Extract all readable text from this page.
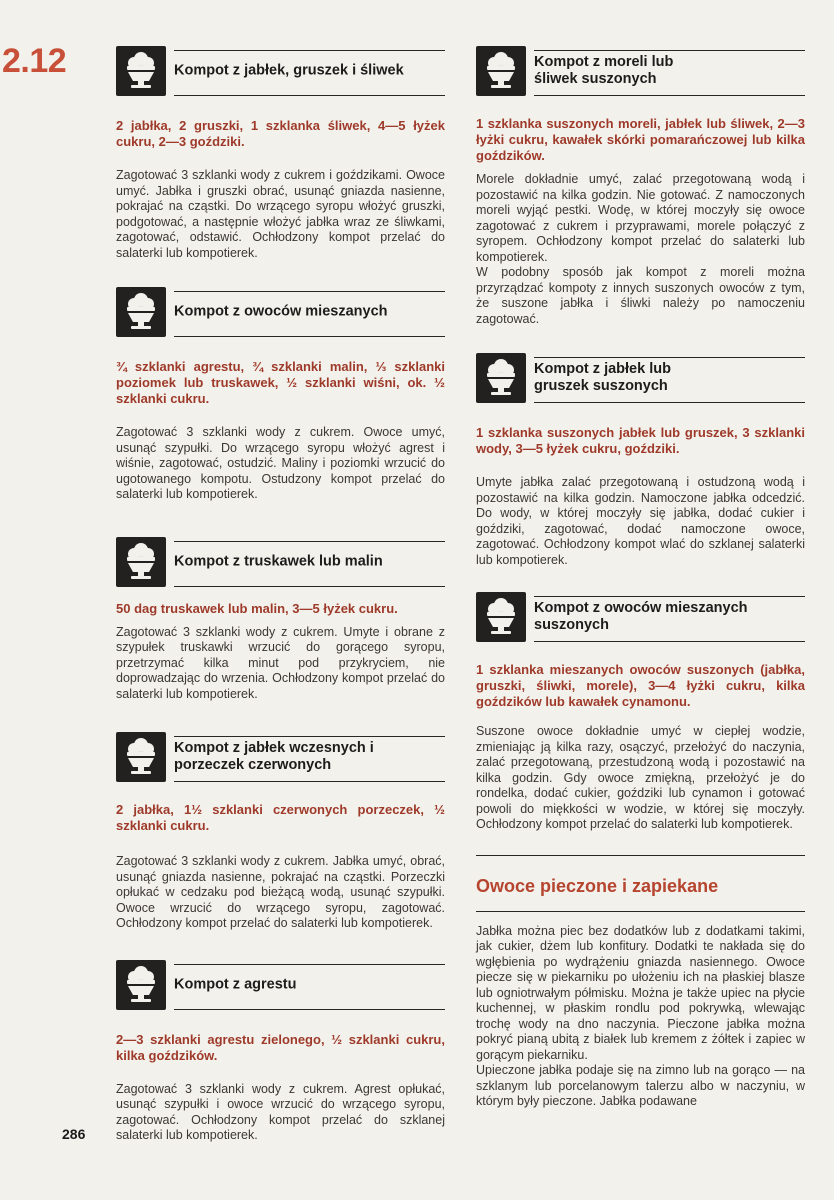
2.12	Kompot z jabłek, gruszek i śliwek

2 jabłka, 2 gruszki, 1 szklanka śliwek, 4—5 łyżek cukru, 2—3 goździki.

Zagotować 3 szklanki wody z cukrem i goździkami. Owoce umyć. Jabłka i gruszki obrać, usunąć gniazda nasienne, pokrajać na cząstki. Do wrzącego syropu włożyć gruszki, podgotować, a następnie włożyć jabłka wraz ze śliwkami, zagotować, odstawić. Ochłodzony kompot przelać do salaterki lub kompotierek.

Kompot z owoców mieszanych

¾ szklanki agrestu, ¾ szklanki malin, ⅓ szklanki poziomek lub truskawek, ½ szklanki wiśni, ok. ½ szklanki cukru.

Zagotować 3 szklanki wody z cukrem. Owoce umyć, usunąć szypułki. Do wrzącego syropu włożyć agrest i wiśnie, zagotować, ostudzić. Maliny i poziomki wrzucić do ugotowanego kompotu. Ostudzony kompot przelać do salaterki lub kompotierek.

Kompot z truskawek lub malin

50 dag truskawek lub malin, 3—5 łyżek cukru.

Zagotować 3 szklanki wody z cukrem. Umyte i obrane z szypułek truskawki wrzucić do gorącego syropu, przetrzymać kilka minut pod przykryciem, nie doprowadzając do wrzenia. Ochłodzony kompot przelać do salaterki lub kompotierek.

Kompot z jabłek wczesnych i porzeczek czerwonych

2 jabłka, 1½ szklanki czerwonych porzeczek, ½ szklanki cukru.

Zagotować 3 szklanki wody z cukrem. Jabłka umyć, obrać, usunąć gniazda nasienne, pokrajać na cząstki. Porzeczki opłukać w cedzaku pod bieżącą wodą, usunąć szypułki. Owoce wrzucić do wrzącego syropu, zagotować. Ochłodzony kompot przelać do salaterki lub kompotierek.

Kompot z agrestu

2—3 szklanki agrestu zielonego, ½ szklanki cukru, kilka goździków.

Zagotować 3 szklanki wody z cukrem. Agrest opłukać, usunąć szypułki i owoce wrzucić do wrzącego syropu, zagotować. Ochłodzony kompot przelać do szklanej salaterki lub kompotierek.

Kompot z moreli lub śliwek suszonych

1 szklanka suszonych moreli, jabłek lub śliwek, 2—3 łyżki cukru, kawałek skórki pomarańczowej lub kilka goździków.

Morele dokładnie umyć, zalać przegotowaną wodą i pozostawić na kilka godzin. Nie gotować. Z namoczonych moreli wyjąć pestki. Wodę, w której moczyły się owoce zagotować z cukrem i przyprawami, morele połączyć z syropem. Ochłodzony kompot przelać do salaterki lub kompotierek.

W podobny sposób jak kompot z moreli można przyrządzać kompoty z innych suszonych owoców z tym, że suszone jabłka i śliwki należy po namoczeniu zagotować.

Kompot z jabłek lub gruszek suszonych

1 szklanka suszonych jabłek lub gruszek, 3 szklanki wody, 3—5 łyżek cukru, goździki.

Umyte jabłka zalać przegotowaną i ostudzoną wodą i pozostawić na kilka godzin. Namoczone jabłka odcedzić. Do wody, w której moczyły się jabłka, dodać cukier i goździki, zagotować, dodać namoczone owoce, zagotować. Ochłodzony kompot wlać do szklanej salaterki lub kompotierek.

Kompot z owoców mieszanych suszonych

1 szklanka mieszanych owoców suszonych (jabłka, gruszki, śliwki, morele), 3—4 łyżki cukru, kilka goździków lub kawałek cynamonu.

Suszone owoce dokładnie umyć w ciepłej wodzie, zmieniając ją kilka razy, osączyć, przełożyć do naczynia, zalać przegotowaną, przestudzoną wodą i pozostawić na kilka godzin. Gdy owoce zmiękną, przełożyć je do rondelka, dodać cukier, goździki lub cynamon i gotować powoli do miękkości w wodzie, w której się moczyły. Ochłodzony kompot przelać do salaterki lub kompotierek.

Owoce pieczone i zapiekane

Jabłka można piec bez dodatków lub z dodatkami takimi, jak cukier, dżem lub konfitury. Dodatki te nakłada się do wgłębienia po wydrążeniu gniazda nasiennego. Owoce piecze się w piekarniku po ułożeniu ich na płaskiej blasze lub ogniotrwałym półmisku. Można je także upiec na płycie kuchennej, w płaskim rondlu pod pokrywką, wlewając trochę wody na dno naczynia. Pieczone jabłka można pokryć pianą ubitą z białek lub kremem z żółtek i zapiec w gorącym piekarniku.

Upieczone jabłka podaje się na zimno lub na gorąco — na szklanym lub porcelanowym talerzu albo w naczyniu, w którym były pieczone. Jabłka podawane

286
